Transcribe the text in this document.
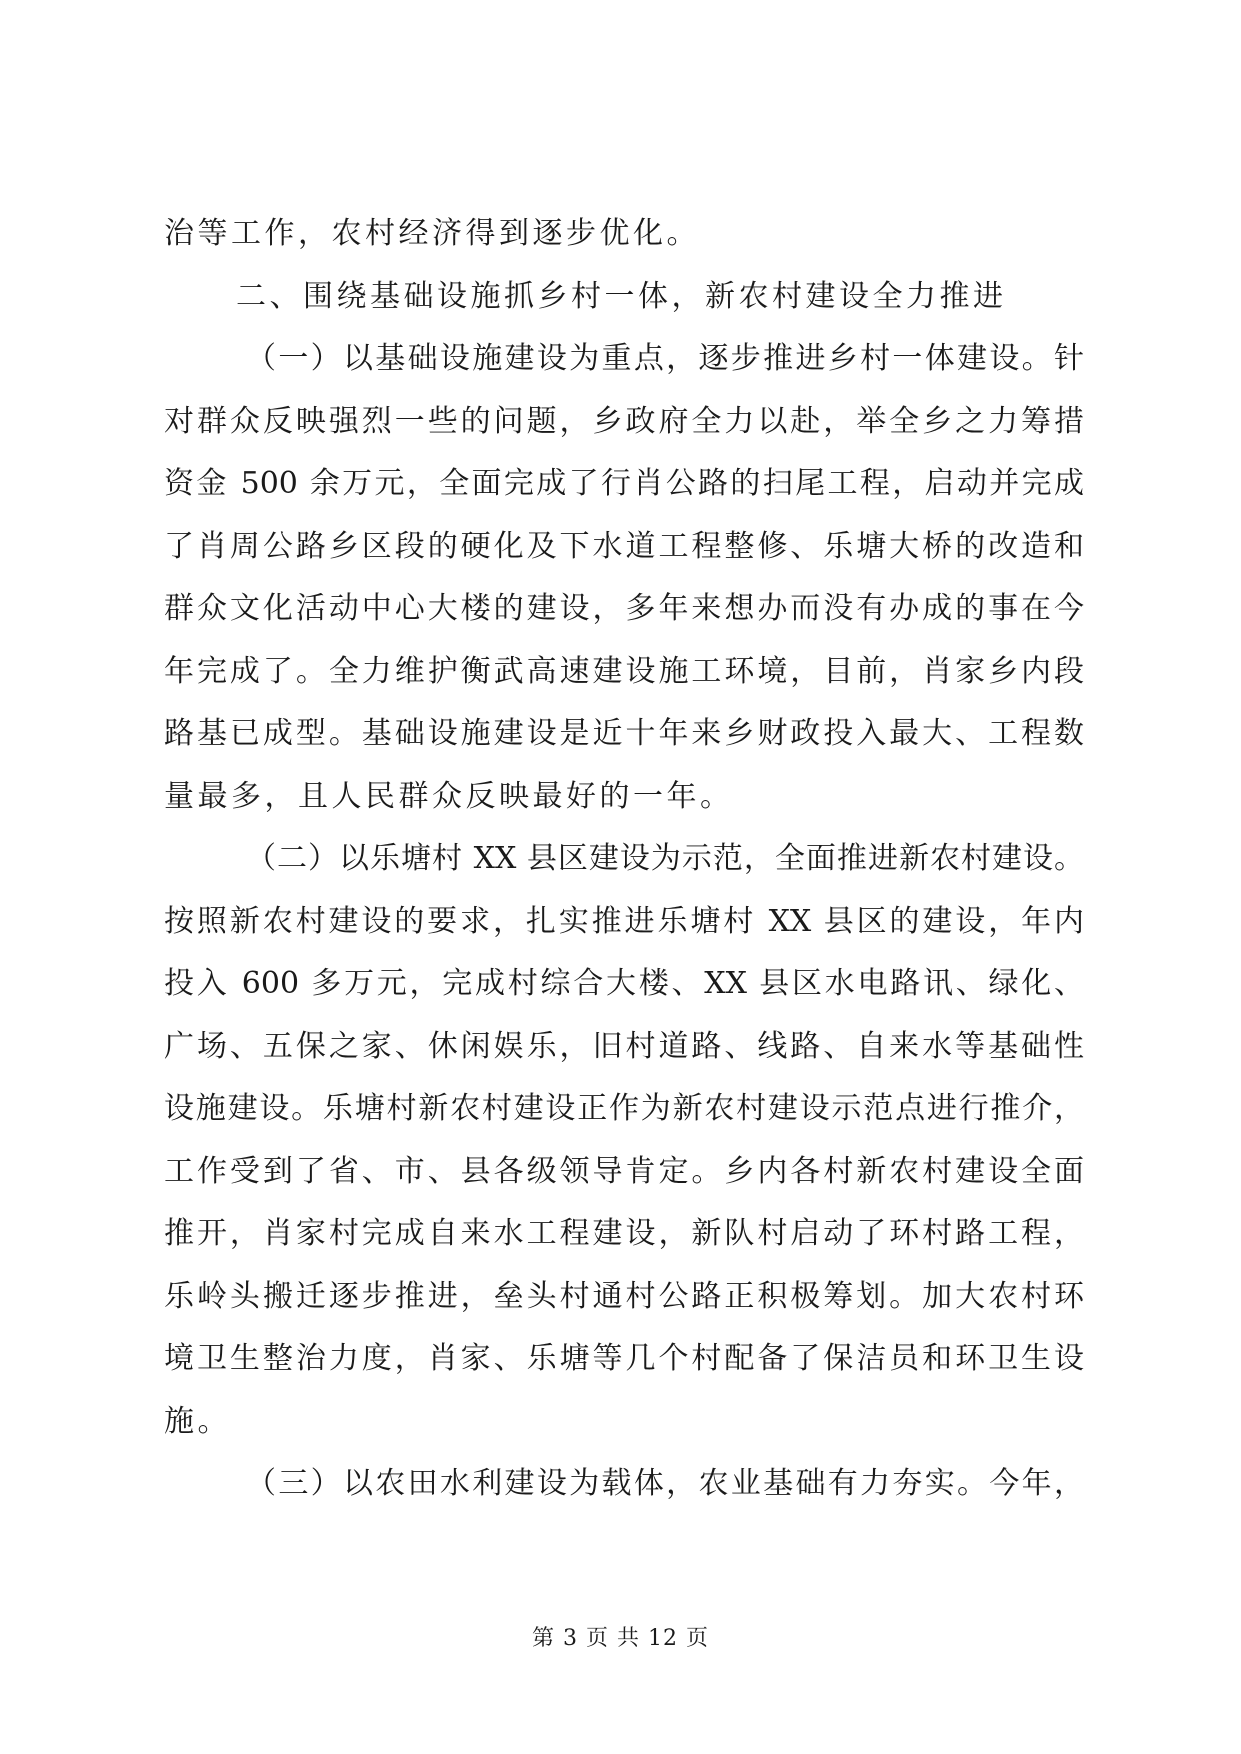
治等工作，农村经济得到逐步优化。
二、围绕基础设施抓乡村一体，新农村建设全力推进
（一）以基础设施建设为重点，逐步推进乡村一体建设。针
对群众反映强烈一些的问题，乡政府全力以赴，举全乡之力筹措
资金 500 余万元，全面完成了行肖公路的扫尾工程，启动并完成
了肖周公路乡区段的硬化及下水道工程整修、乐塘大桥的改造和
群众文化活动中心大楼的建设，多年来想办而没有办成的事在今
年完成了。全力维护衡武高速建设施工环境，目前，肖家乡内段
路基已成型。基础设施建设是近十年来乡财政投入最大、工程数
量最多，且人民群众反映最好的一年。
（二）以乐塘村 XX 县区建设为示范，全面推进新农村建设。
按照新农村建设的要求，扎实推进乐塘村 XX 县区的建设，年内
投入 600 多万元，完成村综合大楼、XX 县区水电路讯、绿化、
广场、五保之家、休闲娱乐，旧村道路、线路、自来水等基础性
设施建设。乐塘村新农村建设正作为新农村建设示范点进行推介，
工作受到了省、市、县各级领导肯定。乡内各村新农村建设全面
推开，肖家村完成自来水工程建设，新队村启动了环村路工程，
乐岭头搬迁逐步推进，垒头村通村公路正积极筹划。加大农村环
境卫生整治力度，肖家、乐塘等几个村配备了保洁员和环卫生设
施。
（三）以农田水利建设为载体，农业基础有力夯实。今年，
第 3 页 共 12 页
